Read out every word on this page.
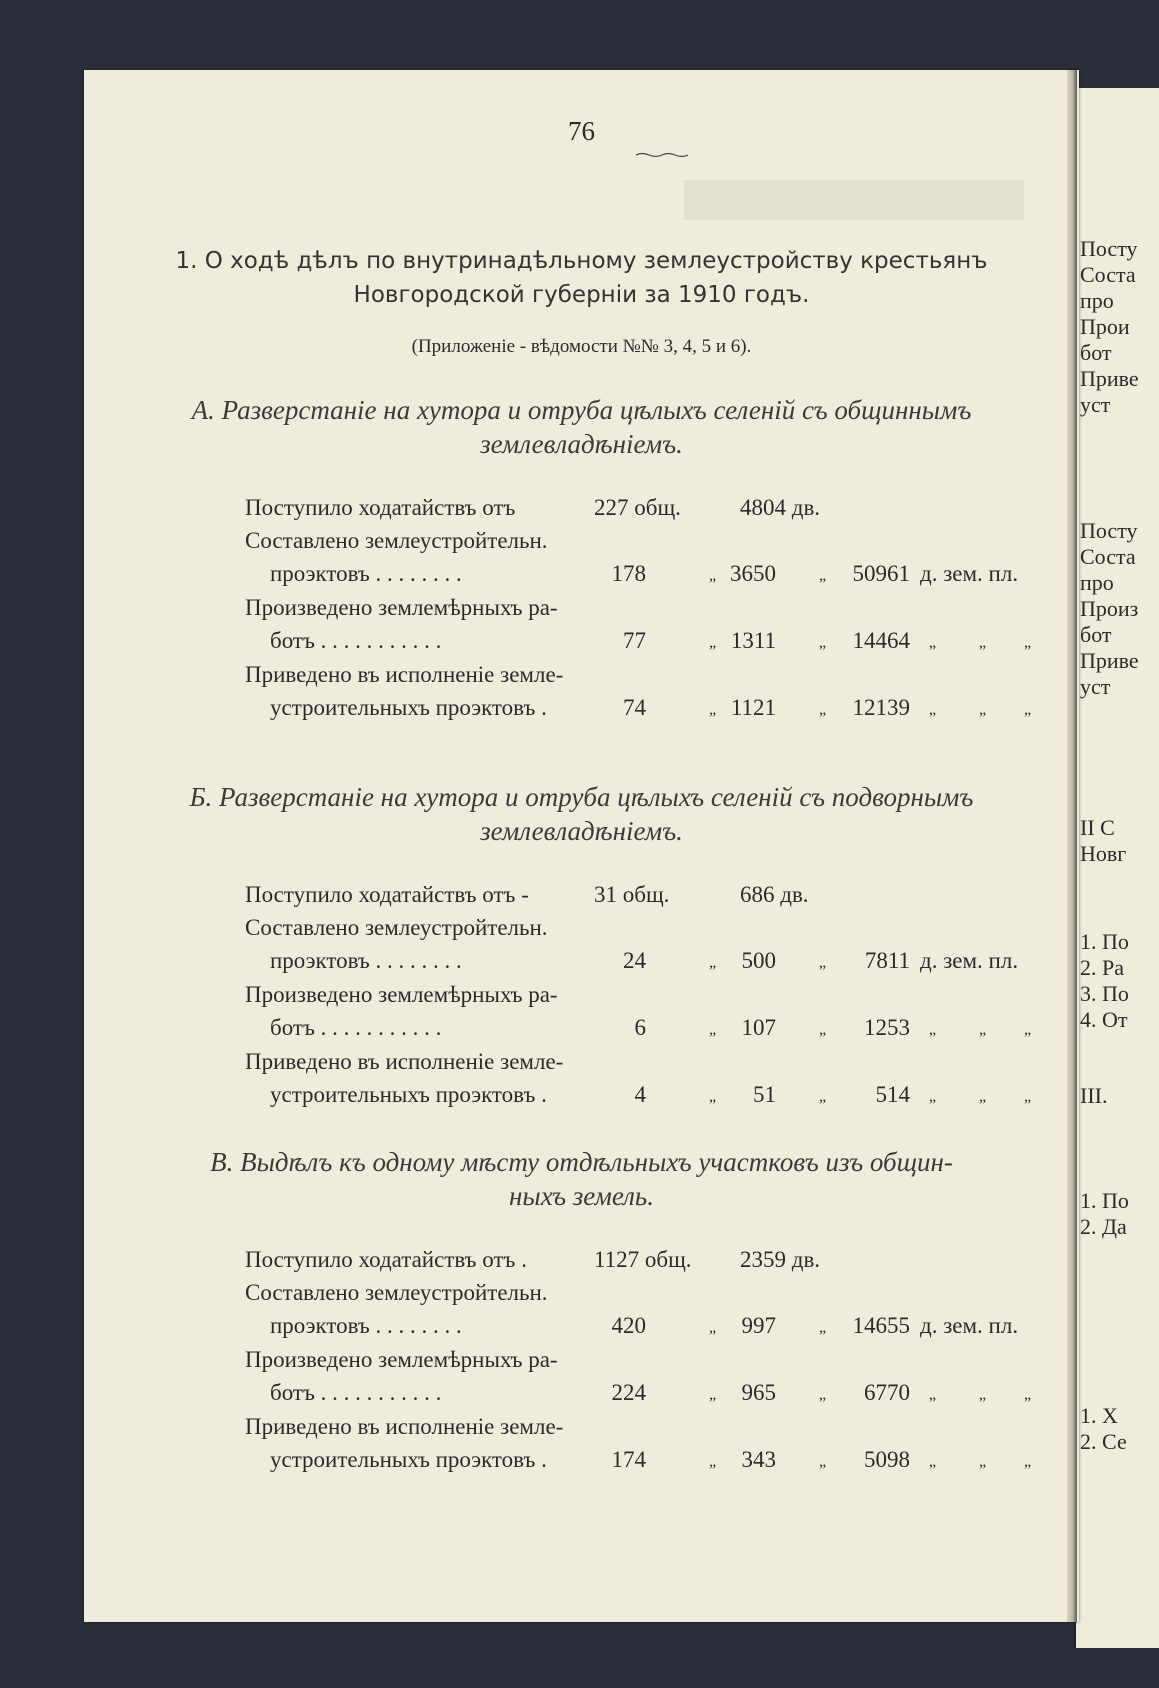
Посту
Соста
про
Прои
бот
Приве
уст
Посту
Соста
про
Произ
бот
Приве
уст
II С
Новг
1. По
2. Ра
3. По
4. От
III.
1. По
2. Да
1. Х
2. Се
76
1. О ходѣ дѣлъ по внутринадѣльному землеустройству крестьянъ
Новгородской губерніи за 1910 годъ.
(Приложеніе - вѣдомости №№ 3, 4, 5 и 6).
А. Разверстаніе на хутора и отруба цѣлыхъ селеній съ общиннымъ
землевладѣніемъ.
Поступило ходатайствъ отъ	227 общ.	4804 дв.
Составлено землеустройтельн.
проэктовъ . . . . . . . .	178	„ 3650	„	50961 д. зем. пл.
Произведено землемѣрныхъ ра-
ботъ . . . . . . . . . . .	77	„ 1311	„	14464 „	„ „
Приведено въ исполненіе земле-
устроительныхъ проэктовъ .	74	„ 1121	„	12139 „	„ „
Б. Разверстаніе на хутора и отруба цѣлыхъ селеній съ подворнымъ
землевладѣніемъ.
Поступило ходатайствъ отъ -	31 общ.	686 дв.
Составлено землеустройтельн.
проэктовъ . . . . . . . .	24	„	500	„	7811 д. зем. пл.
Произведено землемѣрныхъ ра-
ботъ . . . . . . . . . . .	6	„	107	„	1253 „	„ „
Приведено въ исполненіе земле-
устроительныхъ проэктовъ .	4	„	51	„	514 „	„ „
В. Выдѣлъ къ одному мѣсту отдѣльныхъ участковъ изъ общин-
ныхъ земель.
Поступило ходатайствъ отъ .	1127 общ.	2359 дв.
Составлено землеустройтельн.
проэктовъ . . . . . . . .	420	„	997	„	14655 д. зем. пл.
Произведено землемѣрныхъ ра-
ботъ . . . . . . . . . . .	224	„	965	„	6770 „	„ „
Приведено въ исполненіе земле-
устроительныхъ проэктовъ .	174	„	343	„	5098 „	„ „
